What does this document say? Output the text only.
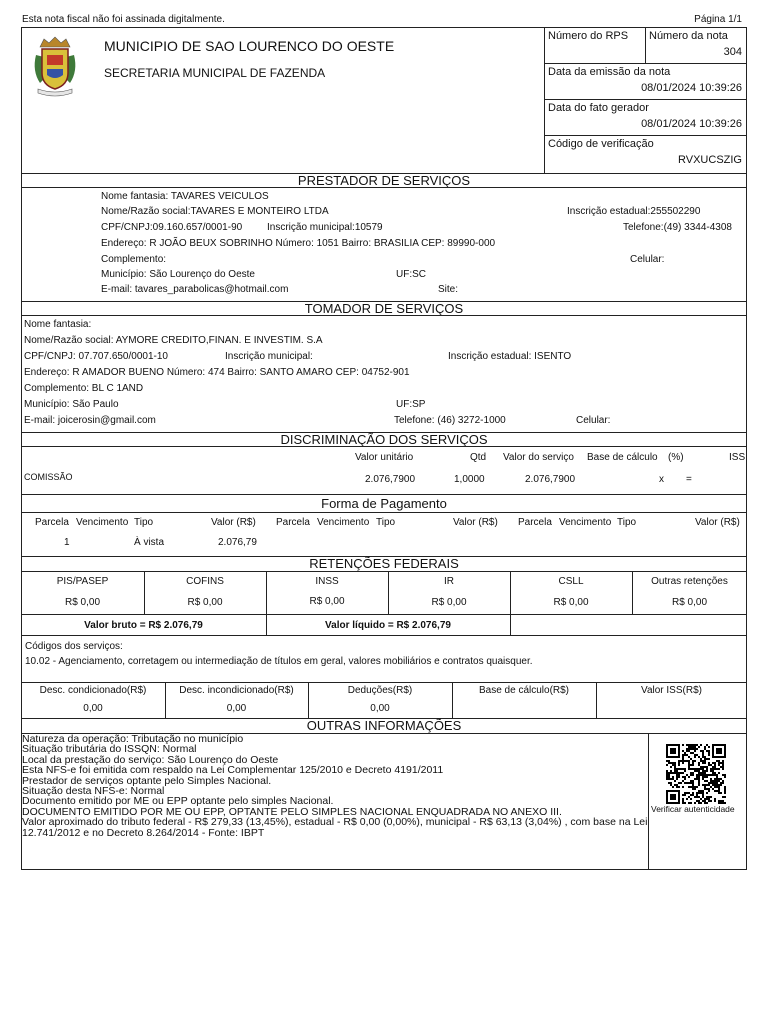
Esta nota fiscal não foi assinada digitalmente.	Página 1/1
MUNICIPIO DE SAO LOURENCO DO OESTE
SECRETARIA MUNICIPAL DE FAZENDA
Número do RPS Número da nota
304
Data da emissão da nota
08/01/2024 10:39:26
Data do fato gerador
08/01/2024 10:39:26
Código de verificação
RVXUCSZIG
PRESTADOR DE SERVIÇOS
Nome fantasia: TAVARES VEICULOS
Nome/Razão social:TAVARES E MONTEIRO LTDA	Inscrição estadual:255502290
CPF/CNPJ:09.160.657/0001-90 Inscrição municipal:10579	Telefone:(49) 3344-4308
Endereço: R JOÃO BEUX SOBRINHO Número: 1051 Bairro: BRASILIA CEP: 89990-000
Complemento:	Celular:
Município: São Lourenço do Oeste	UF:SC
E-mail: tavares_parabolicas@hotmail.com	Site:
TOMADOR DE SERVIÇOS
Nome fantasia:
Nome/Razão social: AYMORE CREDITO,FINAN. E INVESTIM. S.A
CPF/CNPJ: 07.707.650/0001-10	Inscrição municipal:	Inscrição estadual: ISENTO
Endereço: R AMADOR BUENO Número: 474 Bairro: SANTO AMARO CEP: 04752-901
Complemento: BL C 1AND
Município: São Paulo	UF:SP
E-mail: joicerosin@gmail.com	Telefone: (46) 3272-1000	Celular:
DISCRIMINAÇÃO DOS SERVIÇOS
Valor unitário	Qtd Valor do serviço Base de cálculo (%)	ISS
COMISSÃO	2.076,7900	1,0000	2.076,7900	x =
Forma de Pagamento
Parcela Vencimento Tipo	Valor (R$) Parcela Vencimento Tipo	Valor (R$) Parcela Vencimento Tipo	Valor (R$)
1	À vista	2.076,79
RETENÇÕES FEDERAIS
PIS/PASEP	COFINS	INSS	IR	CSLL	Outras retenções
R$ 0,00	R$ 0,00	R$ 0,00	R$ 0,00	R$ 0,00	R$ 0,00
Valor bruto = R$ 2.076,79	Valor líquido = R$ 2.076,79
Códigos dos serviços:
10.02 - Agenciamento, corretagem ou intermediação de títulos em geral, valores mobiliários e contratos quaisquer.
Desc. condicionado(R$)	Desc. incondicionado(R$)	Deduções(R$)	Base de cálculo(R$)	Valor ISS(R$)
0,00	0,00	0,00
OUTRAS INFORMAÇÕES
Natureza da operação: Tributação no município
Situação tributária do ISSQN: Normal
Local da prestação do serviço: São Lourenço do Oeste
Esta NFS-e foi emitida com respaldo na Lei Complementar 125/2010 e Decreto 4191/2011
Prestador de serviços optante pelo Simples Nacional.
Situação desta NFS-e: Normal
Documento emitido por ME ou EPP optante pelo simples Nacional.
DOCUMENTO EMITIDO POR ME OU EPP, OPTANTE PELO SIMPLES NACIONAL ENQUADRADA NO ANEXO III.
Valor aproximado do tributo federal - R$ 279,33 (13,45%), estadual - R$ 0,00 (0,00%), municipal - R$ 63,13 (3,04%) , com base na Lei
12.741/2012 e no Decreto 8.264/2014 - Fonte: IBPT
Verificar autenticidade
